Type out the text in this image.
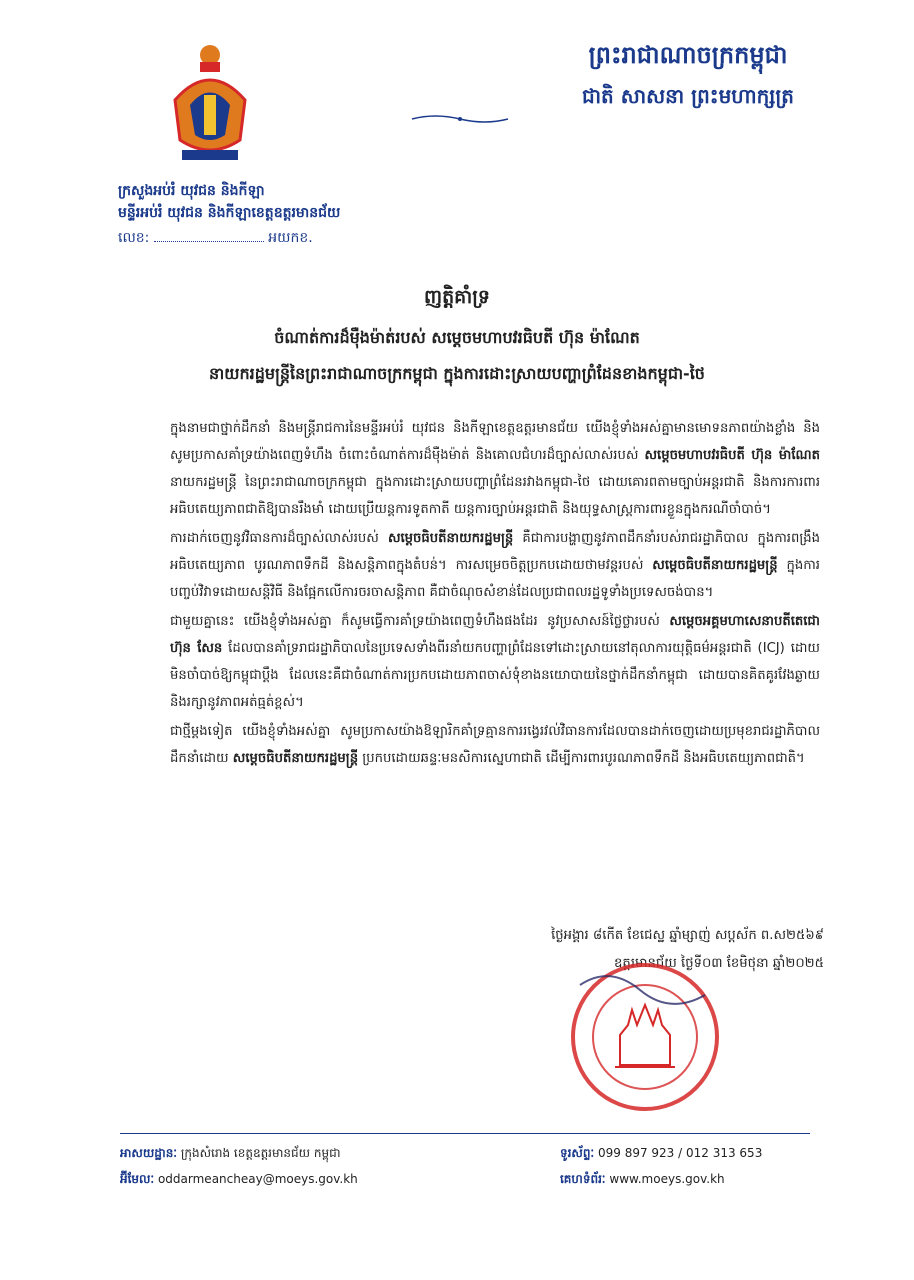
ព្រះរាជាណាចក្រកម្ពុជា
ជាតិ សាសនា ព្រះមហាក្សត្រ
ក្រសួងអប់រំ យុវជន និងកីឡា
មន្ទីរអប់រំ យុវជន និងកីឡាខេត្តឧត្តរមានជ័យ
លេខ:	អយកខ.
ញត្តិគាំទ្រ
ចំណាត់ការដ៏មុឺងម៉ាត់របស់ សម្តេចមហាបវរធិបតី ហ៊ុន ម៉ាណែត
នាយករដ្ឋមន្ត្រីនៃព្រះរាជាណាចក្រកម្ពុជា ក្នុងការដោះស្រាយបញ្ហាព្រំដែនខាងកម្ពុជា-ថៃ

ក្នុងនាមជាថ្នាក់ដឹកនាំ និងមន្ត្រីរាជការនៃមន្ទីរអប់រំ យុវជន និងកីឡាខេត្តឧត្តរមានជ័យ យើងខ្ញុំទាំងអស់គ្នាមានមោទនភាពយ៉ាងខ្លាំង និងសូមប្រកាសគាំទ្រយ៉ាងពេញទំហឹង ចំពោះចំណាត់ការដ៏មុឺងម៉ាត់ និងគោលជំហរដ៏ច្បាស់លាស់របស់ សម្តេចមហាបវរធិបតី ហ៊ុន ម៉ាណែត នាយករដ្ឋមន្ត្រី នៃព្រះរាជាណាចក្រកម្ពុជា ក្នុងការដោះស្រាយបញ្ហាព្រំដែនរវាងកម្ពុជា-ថៃ ដោយគោរពតាមច្បាប់អន្តរជាតិ និងការការពារអធិបតេយ្យភាពជាតិឱ្យបានរឹងមាំ ដោយប្រើយន្តការទូតកាតី យន្តការច្បាប់អន្តរជាតិ និងយុទ្ធសាស្ត្រការពារខ្លួនក្នុងករណីចាំបាច់។

ការដាក់ចេញនូវវិធានការដ៏ច្បាស់លាស់របស់ សម្តេចធិបតីនាយករដ្ឋមន្ត្រី គឺជាការបង្ហាញនូវភាពដឹកនាំរបស់រាជរដ្ឋាភិបាល ក្នុងការពង្រឹងអធិបតេយ្យភាព បូរណភាពទឹកដី និងសន្តិភាពក្នុងតំបន់។ ការសម្រេចចិត្តប្រកបដោយថាមវន្តរបស់ សម្តេចធិបតីនាយករដ្ឋមន្ត្រី ក្នុងការបញ្ចប់វិវាទដោយសន្តិវិធី និងផ្អែកលើការចរចាសន្តិភាព គឺជាចំណុចសំខាន់ដែលប្រជាពលរដ្ឋទូទាំងប្រទេសចង់បាន។

ជាមួយគ្នានេះ យើងខ្ញុំទាំងអស់គ្នា ក៏សូមធ្វើការគាំទ្រយ៉ាងពេញទំហឹងផងដែរ នូវប្រសាសន៍ថ្លៃថ្លារបស់ សម្តេចអគ្គមហាសេនាបតីតេជោ ហ៊ុន សែន ដែលបានគាំទ្ររាជរដ្ឋាភិបាលនៃប្រទេសទាំងពីរនាំយកបញ្ហាព្រំដែនទៅដោះស្រាយនៅតុលាការយុត្តិធម៌អន្តរជាតិ (ICJ) ដោយមិនចាំបាច់ឱ្យកម្ពុជាប្តឹង ដែលនេះគឺជាចំណាត់ការប្រកបដោយភាពចាស់ទុំខាងនយោបាយនៃថ្នាក់ដឹកនាំកម្ពុជា ដោយបានគិតគូរវែងឆ្ងាយ និងរក្សានូវភាពអត់ធ្មត់ខ្ពស់។

ជាថ្មីម្តងទៀត យើងខ្ញុំទាំងអស់គ្នា សូមប្រកាសយ៉ាងឱឡារិកគាំទ្រគ្មានការរង្វេរវល់វិធានការដែលបានដាក់ចេញដោយប្រមុខរាជរដ្ឋាភិបាលដឹកនាំដោយ សម្តេចធិបតីនាយករដ្ឋមន្ត្រី ប្រកបដោយឆន្ទៈមនសិការស្នេហាជាតិ ដើម្បីការពារបូរណភាពទឹកដី និងអធិបតេយ្យភាពជាតិ។

ថ្ងៃអង្គារ ៨កើត ខែជេស្ឋ ឆ្នាំម្សាញ់ សប្តស័ក ព.ស២៥៦៩
ឧត្តរមានជ័យ ថ្ងៃទី០៣ ខែមិថុនា ឆ្នាំ២០២៥
អាសយដ្ឋានៈ ក្រុងសំរោង ខេត្តឧត្តរមានជ័យ កម្ពុជា
អ៊ីមែលៈ oddarmeancheay@moeys.gov.kh
ទូរស័ព្ទៈ 099 897 923 / 012 313 653
គេហទំព័រៈ www.moeys.gov.kh
